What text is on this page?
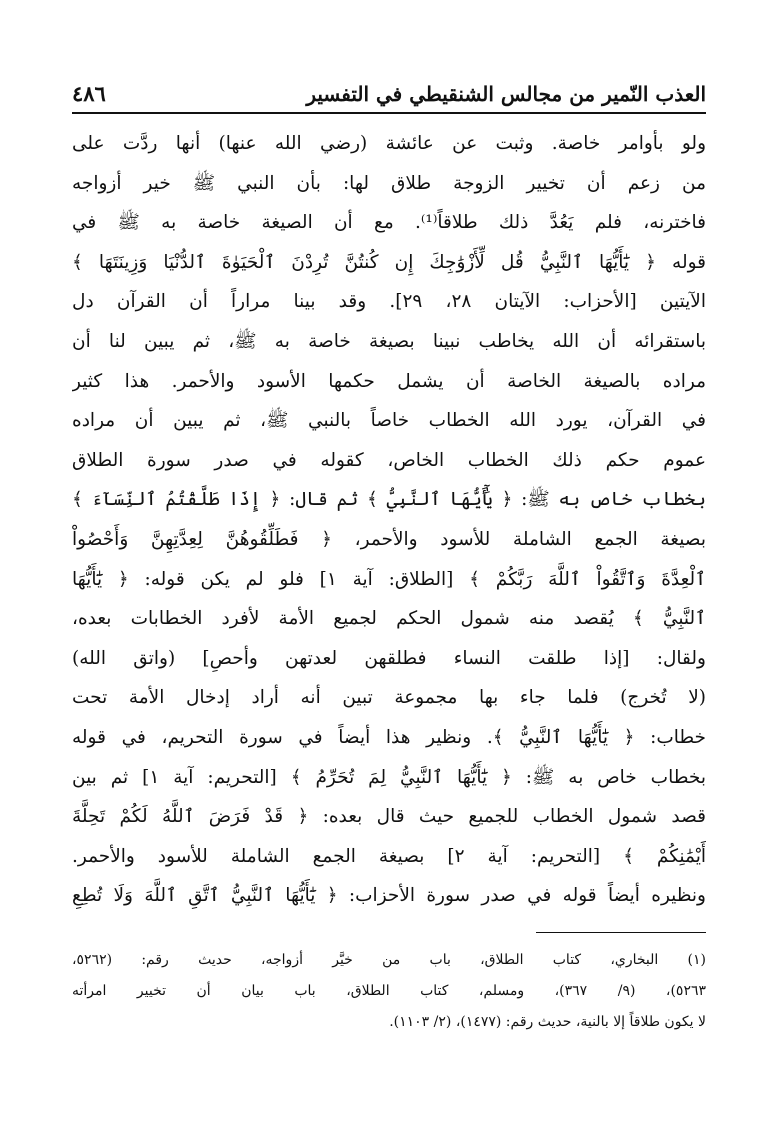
العذب النّمير من مجالس الشنقيطي في التفسير
٤٨٦
ولو بأوامر خاصة. وثبت عن عائشة (رضي الله عنها) أنها ردَّت على
من زعم أن تخيير الزوجة طلاق لها: بأن النبي ﷺ خير أزواجه
فاخترنه، فلم يَعُدَّ ذلك طلاقاً⁽¹⁾. مع أن الصيغة خاصة به ﷺ في
قوله ﴿ يَٰٓأَيُّهَا ٱلنَّبِيُّ قُل لِّأَزْوَٰجِكَ إِن كُنتُنَّ تُرِدْنَ ٱلْحَيَوٰةَ ٱلدُّنْيَا وَزِينَتَهَا ﴾
الآيتين [الأحزاب: الآيتان ٢٨، ٢٩]. وقد بينا مراراً أن القرآن دل
باستقرائه أن الله يخاطب نبينا بصيغة خاصة به ﷺ، ثم يبين لنا أن
مراده بالصيغة الخاصة أن يشمل حكمها الأسود والأحمر. هذا كثير
في القرآن، يورد الله الخطاب خاصاً بالنبي ﷺ، ثم يبين أن مراده
عموم حكم ذلك الخطاب الخاص، كقوله في صدر سورة الطلاق
بخطاب خاص به ﷺ: ﴿ يَٰٓأَيُّهَا ٱلنَّبِيُّ ﴾ ثم قال: ﴿ إِذَا طَلَّقْتُمُ ٱلنِّسَآءَ ﴾
بصيغة الجمع الشاملة للأسود والأحمر، ﴿ فَطَلِّقُوهُنَّ لِعِدَّتِهِنَّ وَأَحْصُواْ
ٱلْعِدَّةَ وَٱتَّقُواْ ٱللَّهَ رَبَّكُمْ ﴾ [الطلاق: آية ١] فلو لم يكن قوله: ﴿ يَٰٓأَيُّهَا
ٱلنَّبِيُّ ﴾ يُقصد منه شمول الحكم لجميع الأمة لأفرد الخطابات بعده،
ولقال: [إذا طلقت النساء فطلقهن لعدتهن وأحصِ] (واتق الله)
(لا تُخرج) فلما جاء بها مجموعة تبين أنه أراد إدخال الأمة تحت
خطاب: ﴿ يَٰٓأَيُّهَا ٱلنَّبِيُّ ﴾. ونظير هذا أيضاً في سورة التحريم، في قوله
بخطاب خاص به ﷺ: ﴿ يَٰٓأَيُّهَا ٱلنَّبِيُّ لِمَ تُحَرِّمُ ﴾ [التحريم: آية ١] ثم بين
قصد شمول الخطاب للجميع حيث قال بعده: ﴿ قَدْ فَرَضَ ٱللَّهُ لَكُمْ تَحِلَّةَ
أَيْمَٰنِكُمْ ﴾ [التحريم: آية ٢] بصيغة الجمع الشاملة للأسود والأحمر.
ونظيره أيضاً قوله في صدر سورة الأحزاب: ﴿ يَٰٓأَيُّهَا ٱلنَّبِيُّ ٱتَّقِ ٱللَّهَ وَلَا تُطِعِ
(١) البخاري، كتاب الطلاق، باب من خيَّر أزواجه، حديث رقم: (٥٢٦٢،
٥٢٦٣)، (٩/ ٣٦٧)، ومسلم، كتاب الطلاق، باب بيان أن تخيير امرأته
لا يكون طلاقاً إلا بالنية، حديث رقم: (١٤٧٧)، (٢/ ١١٠٣).
